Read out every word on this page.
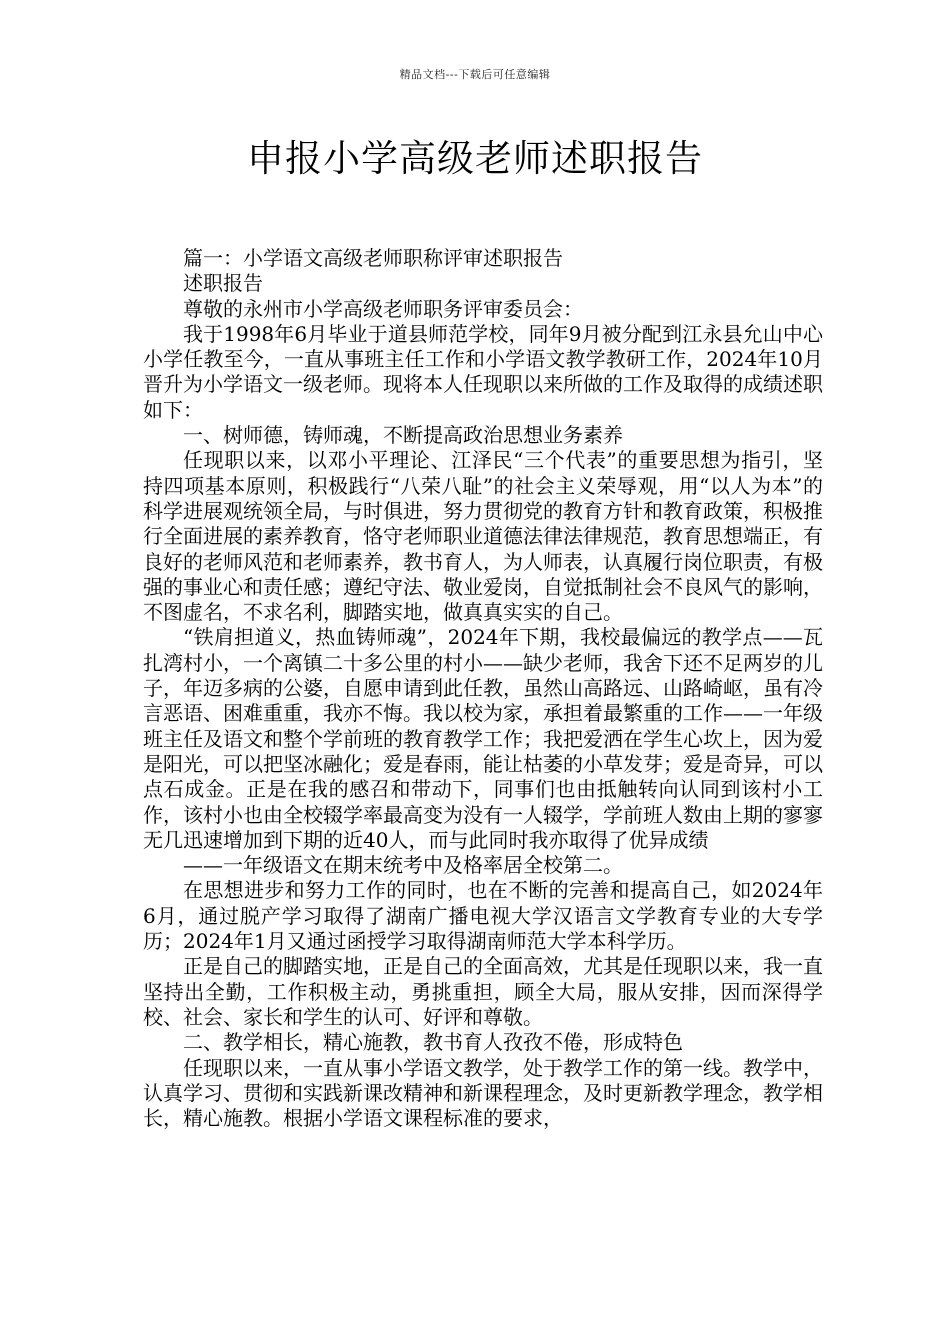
精品文档---下载后可任意编辑
申报小学高级老师述职报告

篇一：小学语文高级老师职称评审述职报告

述职报告

尊敬的永州市小学高级老师职务评审委员会：

我于1998年6月毕业于道县师范学校，同年9月被分配到江永县允山中心小学任教至今，一直从事班主任工作和小学语文教学教研工作，2024年10月晋升为小学语文一级老师。现将本人任现职以来所做的工作及取得的成绩述职如下：

一、树师德，铸师魂，不断提高政治思想业务素养

任现职以来，以邓小平理论、江泽民“三个代表”的重要思想为指引，坚持四项基本原则，积极践行“八荣八耻”的社会主义荣辱观，用“以人为本”的科学进展观统领全局，与时俱进，努力贯彻党的教育方针和教育政策，积极推行全面进展的素养教育，恪守老师职业道德法律法律规范，教育思想端正，有良好的老师风范和老师素养，教书育人，为人师表，认真履行岗位职责，有极强的事业心和责任感；遵纪守法、敬业爱岗，自觉抵制社会不良风气的影响，不图虚名，不求名利，脚踏实地，做真真实实的自己。

“铁肩担道义，热血铸师魂”，2024年下期，我校最偏远的教学点——瓦扎湾村小，一个离镇二十多公里的村小——缺少老师，我舍下还不足两岁的儿子，年迈多病的公婆，自愿申请到此任教，虽然山高路远、山路崎岖，虽有冷言恶语、困难重重，我亦不悔。我以校为家，承担着最繁重的工作——一年级班主任及语文和整个学前班的教育教学工作；我把爱洒在学生心坎上，因为爱是阳光，可以把坚冰融化；爱是春雨，能让枯萎的小草发芽；爱是奇异，可以点石成金。正是在我的感召和带动下，同事们也由抵触转向认同到该村小工作，该村小也由全校辍学率最高变为没有一人辍学，学前班人数由上期的寥寥无几迅速增加到下期的近40人，而与此同时我亦取得了优异成绩

——一年级语文在期末统考中及格率居全校第二。

在思想进步和努力工作的同时，也在不断的完善和提高自己，如2024年6月，通过脱产学习取得了湖南广播电视大学汉语言文学教育专业的大专学历；2024年1月又通过函授学习取得湖南师范大学本科学历。

正是自己的脚踏实地，正是自己的全面高效，尤其是任现职以来，我一直坚持出全勤，工作积极主动，勇挑重担，顾全大局，服从安排，因而深得学校、社会、家长和学生的认可、好评和尊敬。

二、教学相长，精心施教，教书育人孜孜不倦，形成特色

任现职以来，一直从事小学语文教学，处于教学工作的第一线。教学中，认真学习、贯彻和实践新课改精神和新课程理念，及时更新教学理念，教学相长，精心施教。根据小学语文课程标准的要求，
